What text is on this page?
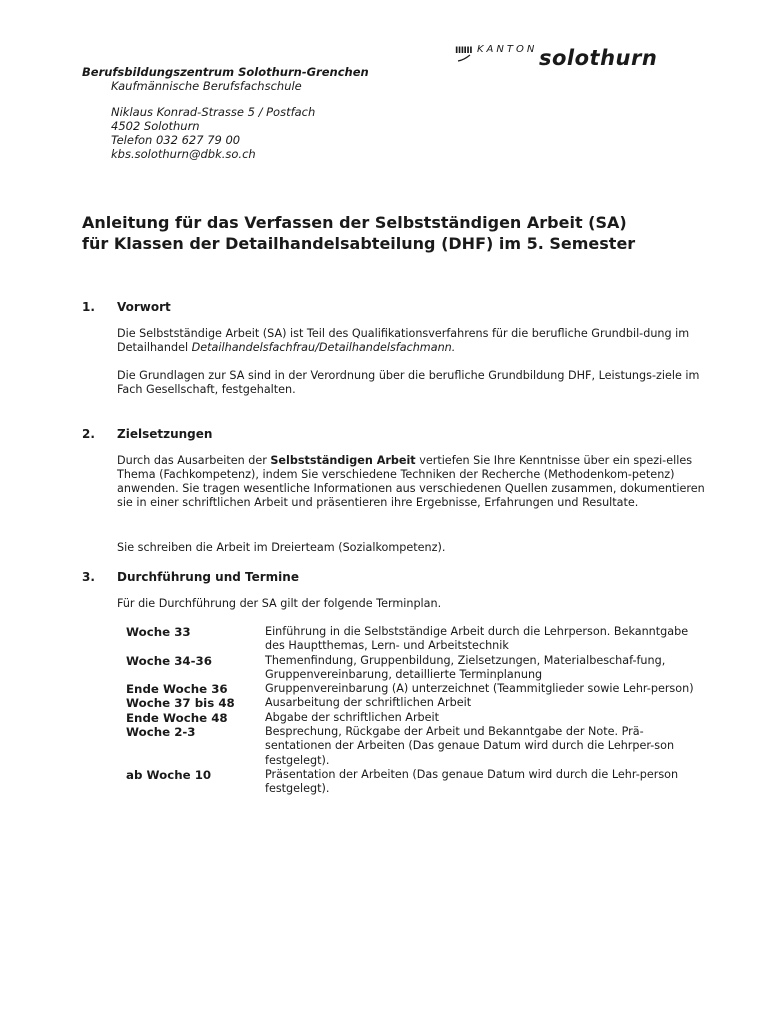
IIIIII KANTON solothurn
Berufsbildungszentrum Solothurn-Grenchen
Kaufmännische Berufsfachschule
Niklaus Konrad-Strasse 5 / Postfach
4502 Solothurn
Telefon 032 627 79 00
kbs.solothurn@dbk.so.ch
Anleitung für das Verfassen der Selbstständigen Arbeit (SA)
für Klassen der Detailhandelsabteilung (DHF) im 5. Semester
1. Vorwort

Die Selbstständige Arbeit (SA) ist Teil des Qualifikationsverfahrens für die berufliche Grundbil-dung im Detailhandel Detailhandelsfachfrau/Detailhandelsfachmann.

Die Grundlagen zur SA sind in der Verordnung über die berufliche Grundbildung DHF, Leistungs-ziele im Fach Gesellschaft, festgehalten.

2. Zielsetzungen

Durch das Ausarbeiten der Selbstständigen Arbeit vertiefen Sie Ihre Kenntnisse über ein spezi-elles Thema (Fachkompetenz), indem Sie verschiedene Techniken der Recherche (Methodenkom-petenz) anwenden. Sie tragen wesentliche Informationen aus verschiedenen Quellen zusammen, dokumentieren sie in einer schriftlichen Arbeit und präsentieren ihre Ergebnisse, Erfahrungen und Resultate.

Sie schreiben die Arbeit im Dreierteam (Sozialkompetenz).

3. Durchführung und Termine

Für die Durchführung der SA gilt der folgende Terminplan.

Woche 33	Einführung in die Selbstständige Arbeit durch die Lehrperson. Bekanntgabe des Hauptthemas, Lern- und Arbeitstechnik
Woche 34-36	Themenfindung, Gruppenbildung, Zielsetzungen, Materialbeschaf-fung, Gruppenvereinbarung, detaillierte Terminplanung
Ende Woche 36	Gruppenvereinbarung (A) unterzeichnet (Teammitglieder sowie Lehr-person)
Woche 37 bis 48	Ausarbeitung der schriftlichen Arbeit
Ende Woche 48	Abgabe der schriftlichen Arbeit
Woche 2-3	Besprechung, Rückgabe der Arbeit und Bekanntgabe der Note. Prä-sentationen der Arbeiten (Das genaue Datum wird durch die Lehrper-son festgelegt).
ab Woche 10	Präsentation der Arbeiten (Das genaue Datum wird durch die Lehr-person festgelegt).
